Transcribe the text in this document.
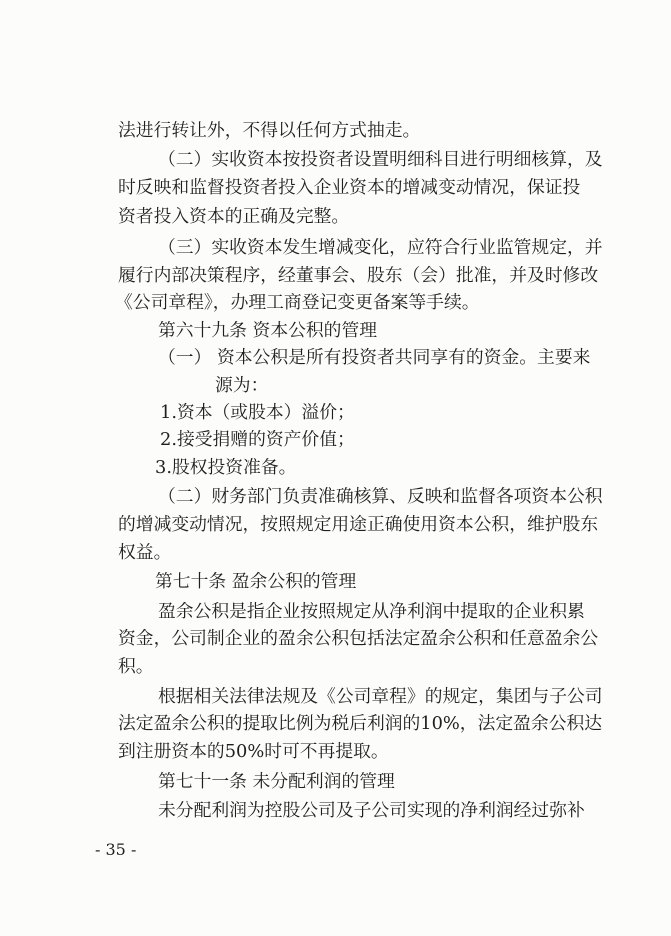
法进行转让外，不得以任何方式抽走。
（二）实收资本按投资者设置明细科目进行明细核算，及
时反映和监督投资者投入企业资本的增减变动情况，保证投
资者投入资本的正确及完整。
（三）实收资本发生增减变化，应符合行业监管规定，并
履行内部决策程序，经董事会、股东（会）批准，并及时修改
《公司章程》，办理工商登记变更备案等手续。
第六十九条 资本公积的管理
（一） 资本公积是所有投资者共同享有的资金。主要来
源为：
1.资本（或股本）溢价；
2.接受捐赠的资产价值；
3.股权投资准备。
（二）财务部门负责准确核算、反映和监督各项资本公积
的增减变动情况，按照规定用途正确使用资本公积，维护股东
权益。
第七十条 盈余公积的管理
盈余公积是指企业按照规定从净利润中提取的企业积累
资金，公司制企业的盈余公积包括法定盈余公积和任意盈余公
积。
根据相关法律法规及《公司章程》的规定，集团与子公司
法定盈余公积的提取比例为税后利润的10%，法定盈余公积达
到注册资本的50%时可不再提取。
第七十一条 未分配利润的管理
未分配利润为控股公司及子公司实现的净利润经过弥补
- 35 -
